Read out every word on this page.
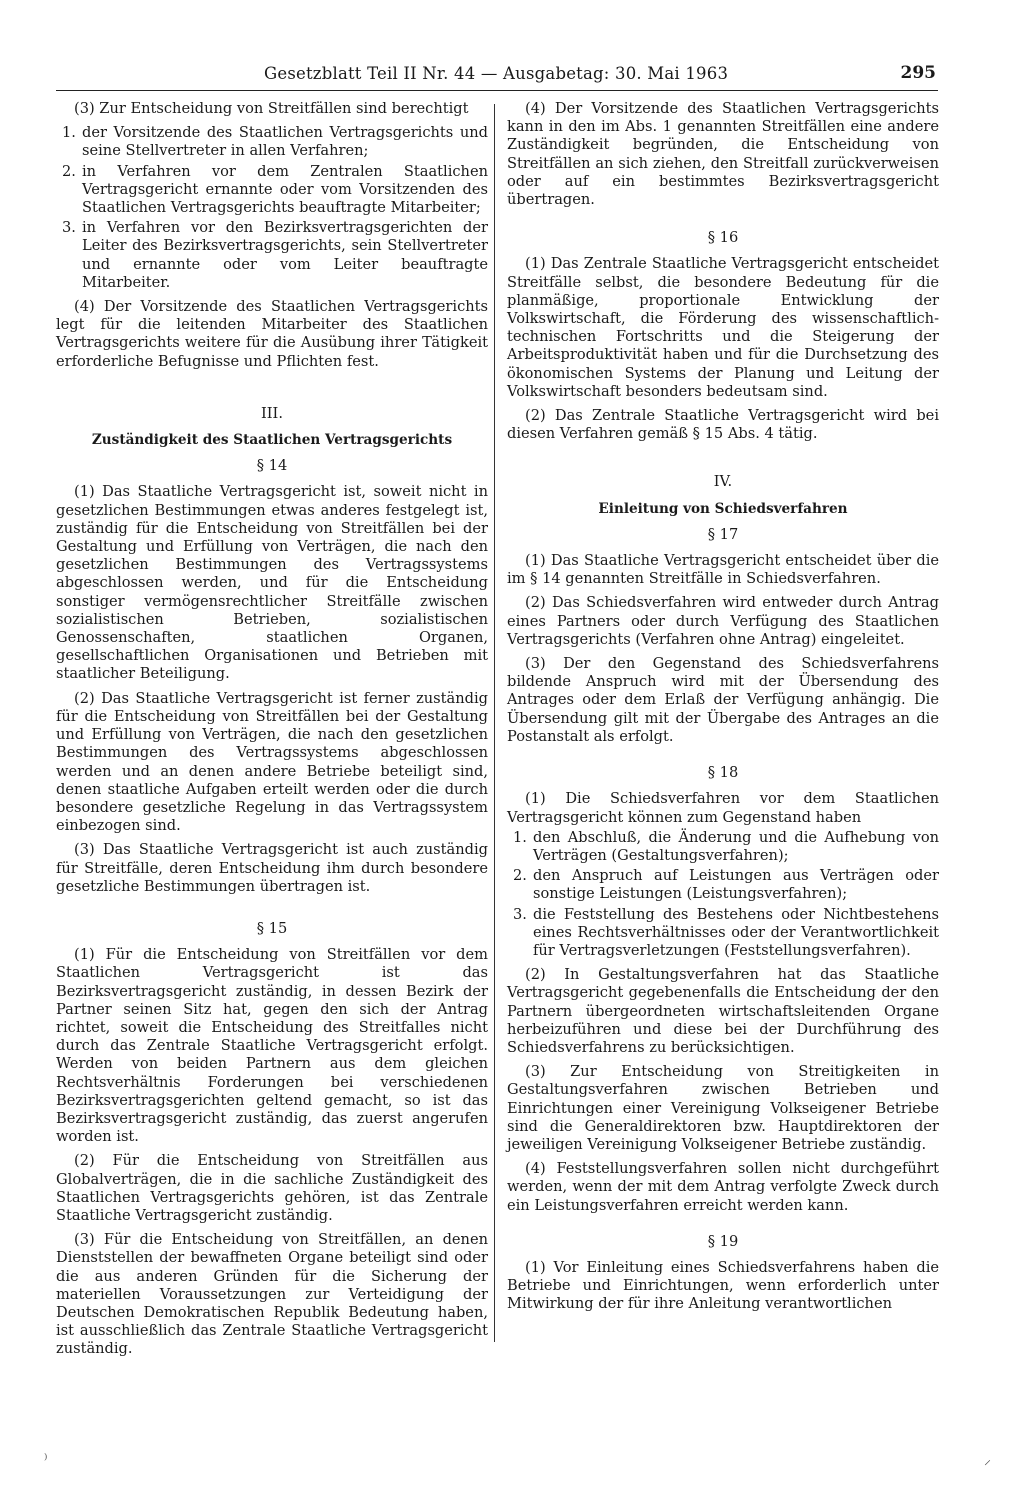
Gesetzblatt Teil II Nr. 44 — Ausgabetag: 30. Mai 1963	295

(3) Zur Entscheidung von Streitfällen sind berechtigt

1. der Vorsitzende des Staatlichen Vertragsgerichts und seine Stellvertreter in allen Verfahren;
2. in Verfahren vor dem Zentralen Staatlichen Vertragsgericht ernannte oder vom Vorsitzenden des Staatlichen Vertragsgerichts beauftragte Mitarbeiter;
3. in Verfahren vor den Bezirksvertragsgerichten der Leiter des Bezirksvertragsgerichts, sein Stellvertreter und ernannte oder vom Leiter beauftragte Mitarbeiter.

(4) Der Vorsitzende des Staatlichen Vertragsgerichts legt für die leitenden Mitarbeiter des Staatlichen Vertragsgerichts weitere für die Ausübung ihrer Tätigkeit erforderliche Befugnisse und Pflichten fest.

III.
Zuständigkeit des Staatlichen Vertragsgerichts
§ 14

(1) Das Staatliche Vertragsgericht ist, soweit nicht in gesetzlichen Bestimmungen etwas anderes festgelegt ist, zuständig für die Entscheidung von Streitfällen bei der Gestaltung und Erfüllung von Verträgen, die nach den gesetzlichen Bestimmungen des Vertragssystems abgeschlossen werden, und für die Entscheidung sonstiger vermögensrechtlicher Streitfälle zwischen sozialistischen Betrieben, sozialistischen Genossenschaften, staatlichen Organen, gesellschaftlichen Organisationen und Betrieben mit staatlicher Beteiligung.

(2) Das Staatliche Vertragsgericht ist ferner zuständig für die Entscheidung von Streitfällen bei der Gestaltung und Erfüllung von Verträgen, die nach den gesetzlichen Bestimmungen des Vertragssystems abgeschlossen werden und an denen andere Betriebe beteiligt sind, denen staatliche Aufgaben erteilt werden oder die durch besondere gesetzliche Regelung in das Vertragssystem einbezogen sind.

(3) Das Staatliche Vertragsgericht ist auch zuständig für Streitfälle, deren Entscheidung ihm durch besondere gesetzliche Bestimmungen übertragen ist.

§ 15

(1) Für die Entscheidung von Streitfällen vor dem Staatlichen Vertragsgericht ist das Bezirksvertragsgericht zuständig, in dessen Bezirk der Partner seinen Sitz hat, gegen den sich der Antrag richtet, soweit die Entscheidung des Streitfalles nicht durch das Zentrale Staatliche Vertragsgericht erfolgt. Werden von beiden Partnern aus dem gleichen Rechtsverhältnis Forderungen bei verschiedenen Bezirksvertragsgerichten geltend gemacht, so ist das Bezirksvertragsgericht zuständig, das zuerst angerufen worden ist.

(2) Für die Entscheidung von Streitfällen aus Globalverträgen, die in die sachliche Zuständigkeit des Staatlichen Vertragsgerichts gehören, ist das Zentrale Staatliche Vertragsgericht zuständig.

(3) Für die Entscheidung von Streitfällen, an denen Dienststellen der bewaffneten Organe beteiligt sind oder die aus anderen Gründen für die Sicherung der materiellen Voraussetzungen zur Verteidigung der Deutschen Demokratischen Republik Bedeutung haben, ist ausschließlich das Zentrale Staatliche Vertragsgericht zuständig.

(4) Der Vorsitzende des Staatlichen Vertragsgerichts kann in den im Abs. 1 genannten Streitfällen eine andere Zuständigkeit begründen, die Entscheidung von Streitfällen an sich ziehen, den Streitfall zurückverweisen oder auf ein bestimmtes Bezirksvertragsgericht übertragen.

§ 16

(1) Das Zentrale Staatliche Vertragsgericht entscheidet Streitfälle selbst, die besondere Bedeutung für die planmäßige, proportionale Entwicklung der Volkswirtschaft, die Förderung des wissenschaftlich-technischen Fortschritts und die Steigerung der Arbeitsproduktivität haben und für die Durchsetzung des ökonomischen Systems der Planung und Leitung der Volkswirtschaft besonders bedeutsam sind.

(2) Das Zentrale Staatliche Vertragsgericht wird bei diesen Verfahren gemäß § 15 Abs. 4 tätig.

IV.
Einleitung von Schiedsverfahren
§ 17

(1) Das Staatliche Vertragsgericht entscheidet über die im § 14 genannten Streitfälle in Schiedsverfahren.

(2) Das Schiedsverfahren wird entweder durch Antrag eines Partners oder durch Verfügung des Staatlichen Vertragsgerichts (Verfahren ohne Antrag) eingeleitet.

(3) Der den Gegenstand des Schiedsverfahrens bildende Anspruch wird mit der Übersendung des Antrages oder dem Erlaß der Verfügung anhängig. Die Übersendung gilt mit der Übergabe des Antrages an die Postanstalt als erfolgt.

§ 18

(1) Die Schiedsverfahren vor dem Staatlichen Vertragsgericht können zum Gegenstand haben

1. den Abschluß, die Änderung und die Aufhebung von Verträgen (Gestaltungsverfahren);
2. den Anspruch auf Leistungen aus Verträgen oder sonstige Leistungen (Leistungsverfahren);
3. die Feststellung des Bestehens oder Nichtbestehens eines Rechtsverhältnisses oder der Verantwortlichkeit für Vertragsverletzungen (Feststellungsverfahren).

(2) In Gestaltungsverfahren hat das Staatliche Vertragsgericht gegebenenfalls die Entscheidung der den Partnern übergeordneten wirtschaftsleitenden Organe herbeizuführen und diese bei der Durchführung des Schiedsverfahrens zu berücksichtigen.

(3) Zur Entscheidung von Streitigkeiten in Gestaltungsverfahren zwischen Betrieben und Einrichtungen einer Vereinigung Volkseigener Betriebe sind die Generaldirektoren bzw. Hauptdirektoren der jeweiligen Vereinigung Volkseigener Betriebe zuständig.

(4) Feststellungsverfahren sollen nicht durchgeführt werden, wenn der mit dem Antrag verfolgte Zweck durch ein Leistungsverfahren erreicht werden kann.

§ 19

(1) Vor Einleitung eines Schiedsverfahrens haben die Betriebe und Einrichtungen, wenn erforderlich unter Mitwirkung der für ihre Anleitung verantwortlichen

⁾	⸍
